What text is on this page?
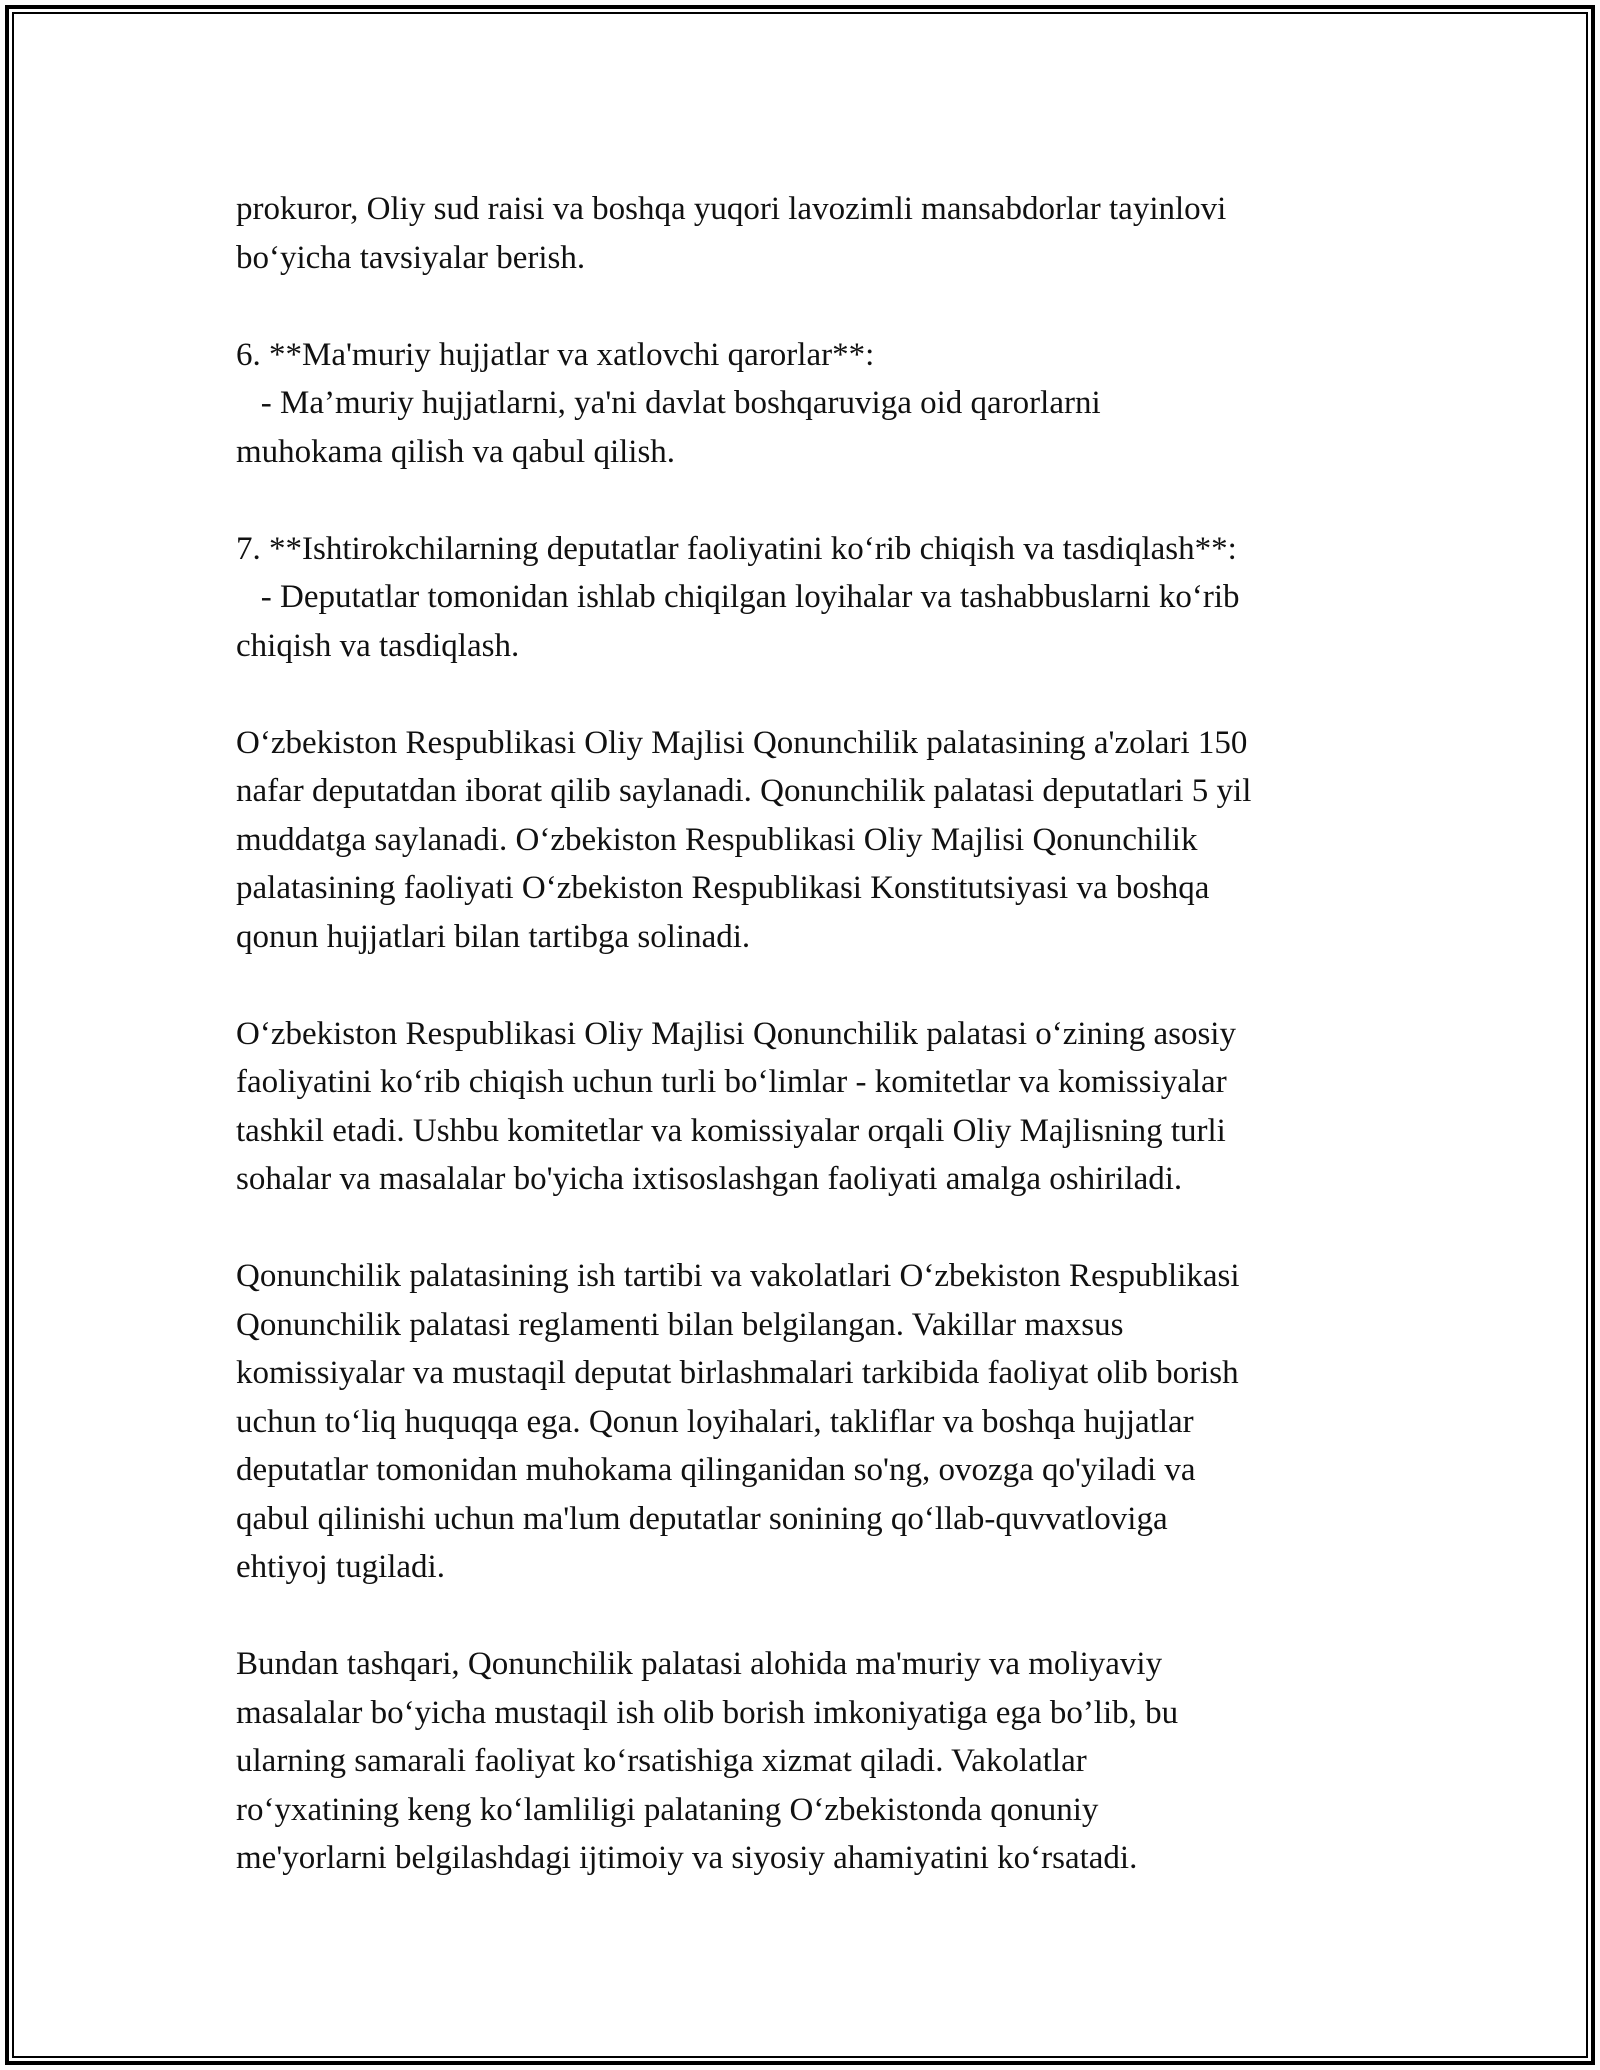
prokuror, Oliy sud raisi va boshqa yuqori lavozimli mansabdorlar tayinlovi
bo‘yicha tavsiyalar berish.

6. **Ma'muriy hujjatlar va xatlovchi qarorlar**:
- Ma’muriy hujjatlarni, ya'ni davlat boshqaruviga oid qarorlarni
muhokama qilish va qabul qilish.

7. **Ishtirokchilarning deputatlar faoliyatini ko‘rib chiqish va tasdiqlash**:
- Deputatlar tomonidan ishlab chiqilgan loyihalar va tashabbuslarni ko‘rib
chiqish va tasdiqlash.

O‘zbekiston Respublikasi Oliy Majlisi Qonunchilik palatasining a'zolari 150
nafar deputatdan iborat qilib saylanadi. Qonunchilik palatasi deputatlari 5 yil
muddatga saylanadi. O‘zbekiston Respublikasi Oliy Majlisi Qonunchilik
palatasining faoliyati O‘zbekiston Respublikasi Konstitutsiyasi va boshqa
qonun hujjatlari bilan tartibga solinadi.

O‘zbekiston Respublikasi Oliy Majlisi Qonunchilik palatasi o‘zining asosiy
faoliyatini ko‘rib chiqish uchun turli bo‘limlar - komitetlar va komissiyalar
tashkil etadi. Ushbu komitetlar va komissiyalar orqali Oliy Majlisning turli
sohalar va masalalar bo'yicha ixtisoslashgan faoliyati amalga oshiriladi.

Qonunchilik palatasining ish tartibi va vakolatlari O‘zbekiston Respublikasi
Qonunchilik palatasi reglamenti bilan belgilangan. Vakillar maxsus
komissiyalar va mustaqil deputat birlashmalari tarkibida faoliyat olib borish
uchun to‘liq huquqqa ega. Qonun loyihalari, takliflar va boshqa hujjatlar
deputatlar tomonidan muhokama qilinganidan so'ng, ovozga qo'yiladi va
qabul qilinishi uchun ma'lum deputatlar sonining qo‘llab-quvvatloviga
ehtiyoj tugiladi.

Bundan tashqari, Qonunchilik palatasi alohida ma'muriy va moliyaviy
masalalar bo‘yicha mustaqil ish olib borish imkoniyatiga ega bo’lib, bu
ularning samarali faoliyat ko‘rsatishiga xizmat qiladi. Vakolatlar
ro‘yxatining keng ko‘lamliligi palataning O‘zbekistonda qonuniy
me'yorlarni belgilashdagi ijtimoiy va siyosiy ahamiyatini ko‘rsatadi.
